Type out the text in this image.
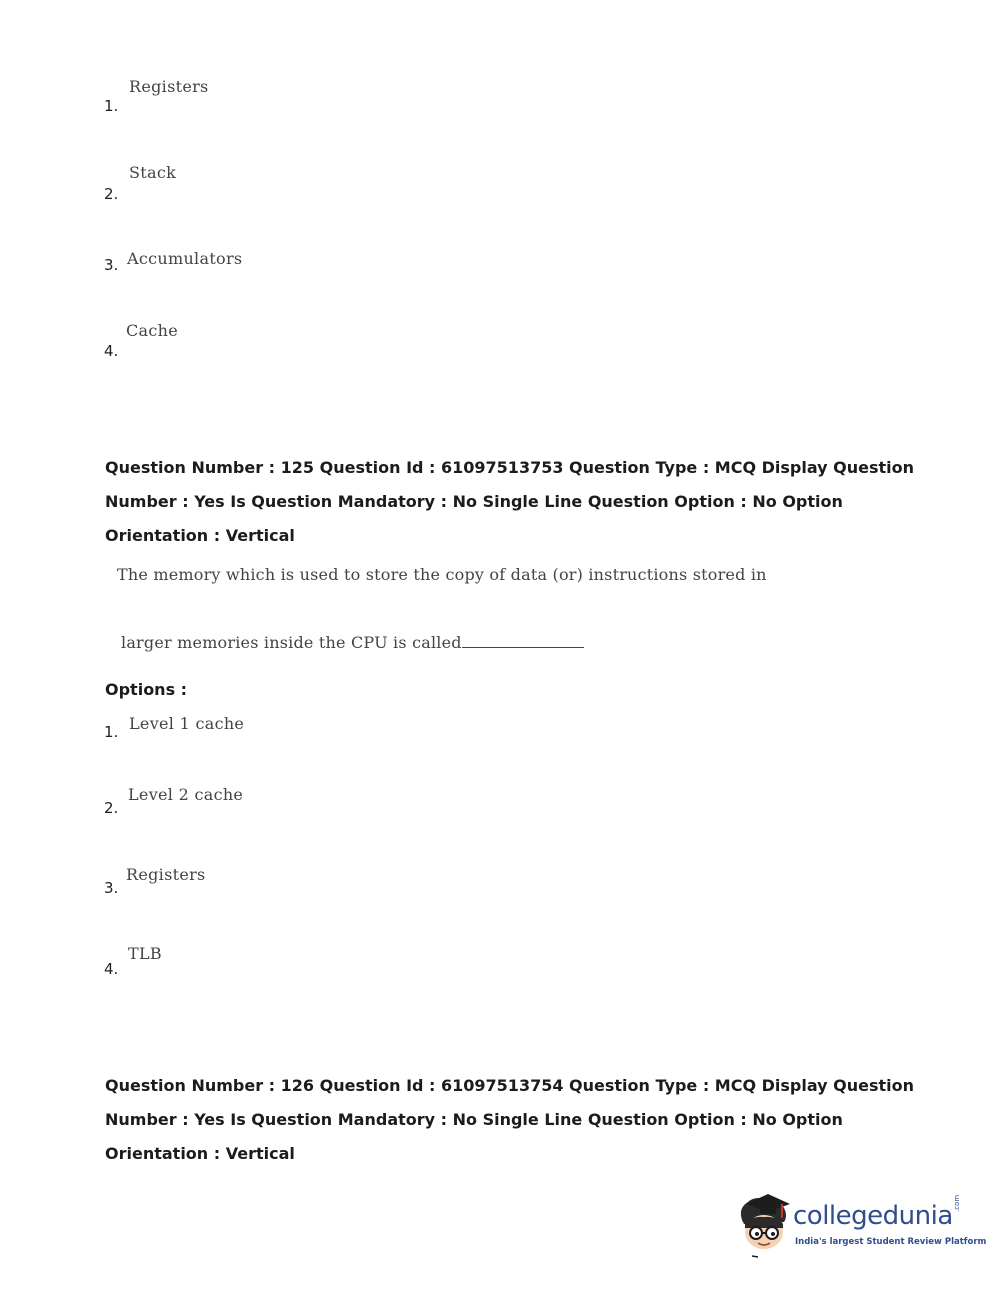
Registers
1.
Stack
2.
Accumulators
3.
Cache
4.
Question Number : 125 Question Id : 61097513753 Question Type : MCQ Display Question
Number : Yes Is Question Mandatory : No Single Line Question Option : No Option
Orientation : Vertical
The memory which is used to store the copy of data (or) instructions stored in
larger memories inside the CPU is called
Options :
Level 1 cache
1.
Level 2 cache
2.
Registers
3.
TLB
4.
Question Number : 126 Question Id : 61097513754 Question Type : MCQ Display Question
Number : Yes Is Question Mandatory : No Single Line Question Option : No Option
Orientation : Vertical
collegedunia .com
India's largest Student Review Platform
